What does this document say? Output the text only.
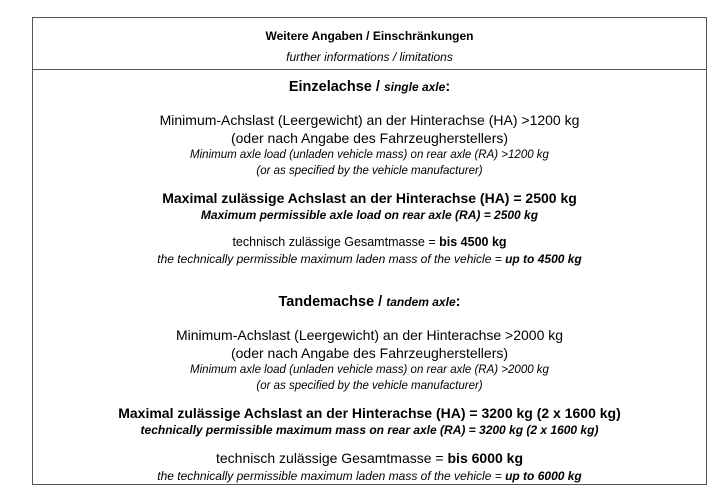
Weitere Angaben / Einschränkungen
further informations / limitations
Einzelachse / single axle:
Minimum-Achslast (Leergewicht) an der Hinterachse (HA) >1200 kg
(oder nach Angabe des Fahrzeugherstellers)
Minimum axle load (unladen vehicle mass) on rear axle (RA) >1200 kg
(or as specified by the vehicle manufacturer)
Maximal zulässige Achslast an der Hinterachse (HA) = 2500 kg
Maximum permissible axle load on rear axle (RA) = 2500 kg
technisch zulässige Gesamtmasse = bis 4500 kg
the technically permissible maximum laden mass of the vehicle = up to 4500 kg
Tandemachse / tandem axle:
Minimum-Achslast (Leergewicht) an der Hinterachse >2000 kg
(oder nach Angabe des Fahrzeugherstellers)
Minimum axle load (unladen vehicle mass) on rear axle (RA) >2000 kg
(or as specified by the vehicle manufacturer)
Maximal zulässige Achslast an der Hinterachse (HA) = 3200 kg (2 x 1600 kg)
technically permissible maximum mass on rear axle (RA) = 3200 kg (2 x 1600 kg)
technisch zulässige Gesamtmasse = bis 6000 kg
the technically permissible maximum laden mass of the vehicle = up to 6000 kg
